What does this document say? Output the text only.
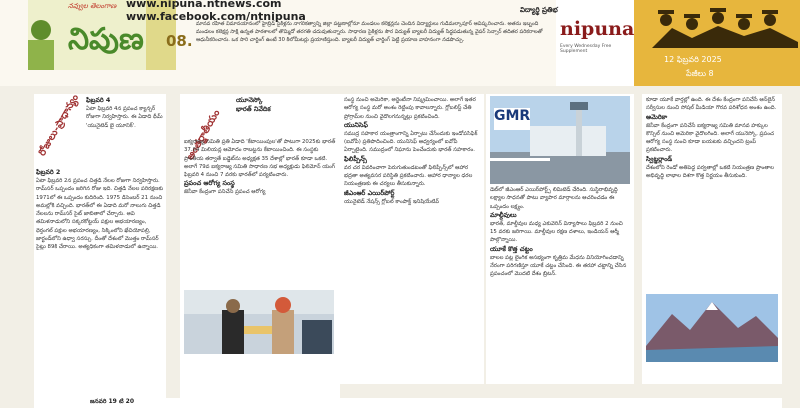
నవ్వుల తెలంగాణ
నిపుణ 08.
www.nipuna.ntnews.com
www.facebook.com/ntnipuna
మానవ రహిత విమానయానంలో హైబ్రిడ్ సైకిళ్లను నాగరికత్వాన్ని జిల్లా పట్టణాల్లోనూ మండలం కలెక్షన్లను చెందిన విద్యార్థులు గుడిమల్కాపూర్ ఆవిష్కరించారు. అతను ఇబ్బంది మండలం కలెక్షన్ల సాక్షి ఉన్నత పాఠశాలలో తొమ్మిదో తరగతి చదువుతున్నారు. సాధారణ సైకిళ్లను సౌర విద్యుత్ బ్యాటరీ విద్యుత్ సిద్ధపడుతున్న వైపర్ సెన్సార్ తదితర పరికరాలతో ఆధునీకరించారు. ఒక సారి చార్జింగ్ ఉంటే 30 కిలోమీటర్లు ప్రయాణిస్తుంది. బ్యాటరీ విద్యుత్ చార్జింగ్ పెట్టి ప్రయాణ వాహనంగా నడపొచ్చు.	nipuna
Every Wednesday Free Supplement
12 ఫిబ్రవరి 2025
పేజీలు 8
విద్యార్థి ప్రతిభ
రోజులు-ప్రాధాన్యం ఫిబ్రవరి 4

ఏటా ఫిబ్రవరి 4న ప్రపంచ క్యాన్సర్ రోజుగా నిర్వహిస్తారు. ఈ ఏడాది థీమ్ 'యునైటెడ్ బై యూనిక్'.

ఫిబ్రవరి 2

ఏటా ఫిబ్రవరి 2న ప్రపంచ చిత్తడి నేలల రోజుగా నిర్వహిస్తారు. రామ్‌సర్ ఒప్పందం జరిగిన రోజు ఇది. చిత్తడి నేలల పరిరక్షణకు 1971లో ఈ ఒప్పందం కుదిరింది. 1975 డిసెంబర్ 21 నుంచి అమల్లోకి వచ్చింది. భారత్‌లో ఈ ఏడాది మరో నాలుగు చిత్తడి నేలలను రామ్‌సర్ సైట్ జాబితాలో చేర్చారు. అవి తమిళనాడులోని సక్కరకోట్టయ్ పక్షుల అభయారణ్యం, థెర్తంగల్ పక్షుల అభయారణ్యం, సిక్కింలోని ఖేచియోపల్రి, జార్ఖండ్‌లోని ఉధ్వా సరస్సు. దీంతో దేశంలో మొత్తం రామ్‌సర్ సైట్లు 89కి చేరాయి. అత్యధికంగా తమిళనాడులో ఉన్నాయి.

అంతర్జాతీయం

యూనెస్కో

భారత్ నివేదిక

ఐక్యరాజ్య సమితి ప్రతి ఏడాది 'కేటాయింపుల'తో పాటుగా 2025కు భారత్ 37.64 మిలియన్ల ఆమోదం రాబట్టను కేటాయించింది. ఈ సంస్థకు ప్రాంతీయ తర్వాతే బడ్జెట్‌ను అధ్యక్షత 35 దేశాల్లో భారత్ కూడా ఒకటి. అలాగే 79వ ఐక్యరాజ్య సమితి సాధారణ సభ అధ్యక్షుడు ఫిలిమోన్ యంగ్ ఫిబ్రవరి 4 నుంచి 7 వరకు భారత్‌లో పర్యటించారు.

ప్రపంచ ఆరోగ్య సంస్థ

జెనీవా కేంద్రంగా పనిచేసే ప్రపంచ ఆరోగ్య

సంస్థ నుంచి అమెరికా, అర్జెంటీనా నిష్క్రమించాయి. అలాగే ఇతర ఆరోగ్య సంస్థ మరో అంశం రెట్టింపు కావాలన్నారు. గ్లోబలిస్ట్ చేతి ప్రోగ్రామ్‌ల నుంచి వైదొలగనున్నట్లు ప్రకటించింది.

యునిసెఫ్

సముద్ర సహకార యంత్రాంగాన్ని ఏర్పాటు చేసేందుకు ఇండోపసిఫిక్ (ఐవోపీ) ప్రతిపాదించింది. యునిసెఫ్ ఆధ్వర్యంలో ఐవోపీ ఏర్పాటైంది. సముద్రంలో నిఘాను పెంచేందుకు భారత్ సహకారం.

ఫిలిప్పీన్స్

వర చర వివరించాగా పెరుగుతుండటంతో ఫిలిప్పీన్స్‌లో ఆహార భద్రతా అత్యవసర పరిస్థితి ప్రకటించారు. ఆహార ధాన్యాల ధరల నియంత్రణకు ఈ చర్యలు తీసుకున్నారు.

జీఎంఆర్ ఎయిర్‌పోర్ట్

యునైటెడ్ నేషన్స్ గ్లోబల్ కాంపాక్ట్ ఇనిషియేటివ్

GMR

డెట్‌లో జీఎంఆర్ ఎయిర్‌పోర్ట్స్ లిమిటెడ్ చేరింది. సుస్థిరాభివృద్ధి లక్ష్యాల సాధనతో పాటు వ్యాపార మార్గాలను ఆచరించడం ఈ ఒప్పందం లక్ష్యం.

మాల్దీవులు

భారత్, మాల్దీవుల మధ్య ఎకువెరిన్ విన్యాసాలు ఫిబ్రవరి 2 నుంచి 15 వరకు జరిగాయి. మాల్దీవుల రక్షణ దళాలు, ఇండియన్ ఆర్మీ పాల్గొన్నాయి.

యూకే కొత్త చట్టం

బాలల పట్ల లైంగిక అసభ్యంగా కృత్రిమ మేధను వినియోగించడాన్ని నేరంగా పరిగణిస్తూ యూకే చట్టం చేసింది. ఈ తరహా చట్టాన్ని చేసిన ప్రపంచంలో మొదటి దేశం బ్రిటన్.

కూడా యూకే వార్తల్లో ఉంది. ఈ దేశం కేంద్రంగా పనిచేసే ఆన్‌లైన్ సర్వీసుల నుంచి సోషల్ మీడియా గౌరవ పరిశోధన అంశం ఉంది.

అమెరికా

జెనీవా కేంద్రంగా పనిచేసే ఐక్యరాజ్య సమితి మానవ హక్కుల కౌన్సిల్ నుంచి అమెరికా వైదొలగింది. అలాగే యునెస్కో, ప్రపంచ ఆరోగ్య సంస్థ నుంచి కూడా బయటకు వచ్చిందని ట్రంప్ ప్రకటించారు.

స్విట్జర్లాండ్

దేశంలోని రెండో అతిపెద్ద పర్వతాల్లో ఒకటి నియంత్రణ ప్రాంతాల అభివృద్ధి లాభాల దిశగా కొత్త నిర్ణయం తీసుకుంది.

జనవరి 19 టి 20
